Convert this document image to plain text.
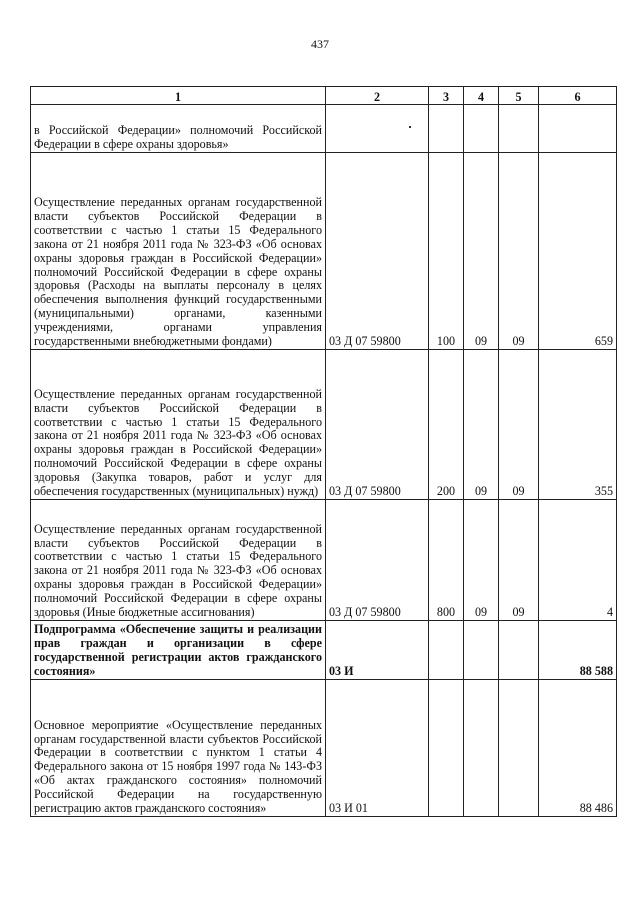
437
1	2	3	4	5	6
в Российской Федерации» полномочий Российской Федерации в сфере охраны здоровья»					
Осуществление переданных органам государственной власти субъектов Российской Федерации в соответствии с частью 1 статьи 15 Федерального закона от 21 ноября 2011 года № 323-ФЗ «Об основах охраны здоровья граждан в Российской Федерации» полномочий Российской Федерации в сфере охраны здоровья (Расходы на выплаты персоналу в целях обеспечения выполнения функций государственными (муниципальными) органами, казенными учреждениями, органами управления государственными внебюджетными фондами)	03 Д 07 59800	100	09	09	659
Осуществление переданных органам государственной власти субъектов Российской Федерации в соответствии с частью 1 статьи 15 Федерального закона от 21 ноября 2011 года № 323-ФЗ «Об основах охраны здоровья граждан в Российской Федерации» полномочий Российской Федерации в сфере охраны здоровья (Закупка товаров, работ и услуг для обеспечения государственных (муниципальных) нужд)	03 Д 07 59800	200	09	09	355
Осуществление переданных органам государственной власти субъектов Российской Федерации в соответствии с частью 1 статьи 15 Федерального закона от 21 ноября 2011 года № 323-ФЗ «Об основах охраны здоровья граждан в Российской Федерации» полномочий Российской Федерации в сфере охраны здоровья (Иные бюджетные ассигнования)	03 Д 07 59800	800	09	09	4
Подпрограмма «Обеспечение защиты и реализации прав граждан и организации в сфере государственной регистрации актов гражданского состояния»	03 И				88 588
Основное мероприятие «Осуществление переданных органам государственной власти субъектов Российской Федерации в соответствии с пунктом 1 статьи 4 Федерального закона от 15 ноября 1997 года № 143-ФЗ «Об актах гражданского состояния» полномочий Российской Федерации на государственную регистрацию актов гражданского состояния»	03 И 01				88 486
